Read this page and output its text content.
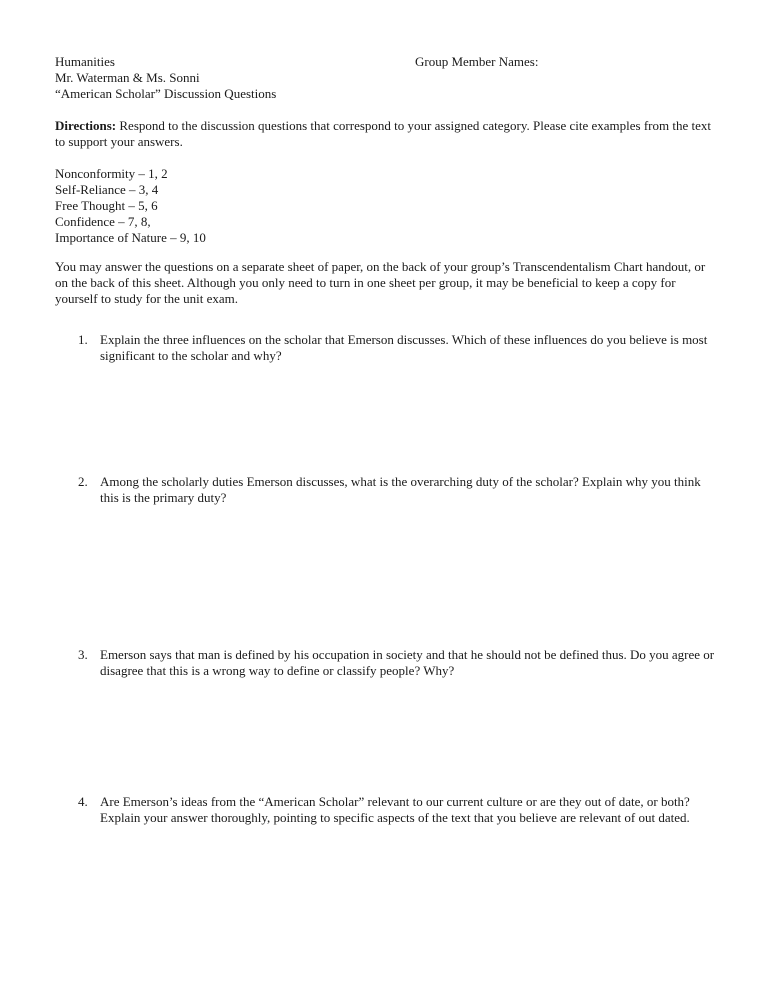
Humanities
Mr. Waterman & Ms. Sonni
“American Scholar” Discussion Questions
Group Member Names:
Directions: Respond to the discussion questions that correspond to your assigned category. Please cite examples from the text to support your answers.
Nonconformity – 1, 2
Self-Reliance – 3, 4
Free Thought – 5, 6
Confidence – 7, 8,
Importance of Nature – 9, 10
You may answer the questions on a separate sheet of paper, on the back of your group’s Transcendentalism Chart handout, or on the back of this sheet. Although you only need to turn in one sheet per group, it may be beneficial to keep a copy for yourself to study for the unit exam.
1. Explain the three influences on the scholar that Emerson discusses. Which of these influences do you believe is most significant to the scholar and why?
2. Among the scholarly duties Emerson discusses, what is the overarching duty of the scholar? Explain why you think this is the primary duty?
3. Emerson says that man is defined by his occupation in society and that he should not be defined thus. Do you agree or disagree that this is a wrong way to define or classify people? Why?
4. Are Emerson’s ideas from the “American Scholar” relevant to our current culture or are they out of date, or both? Explain your answer thoroughly, pointing to specific aspects of the text that you believe are relevant of out dated.
